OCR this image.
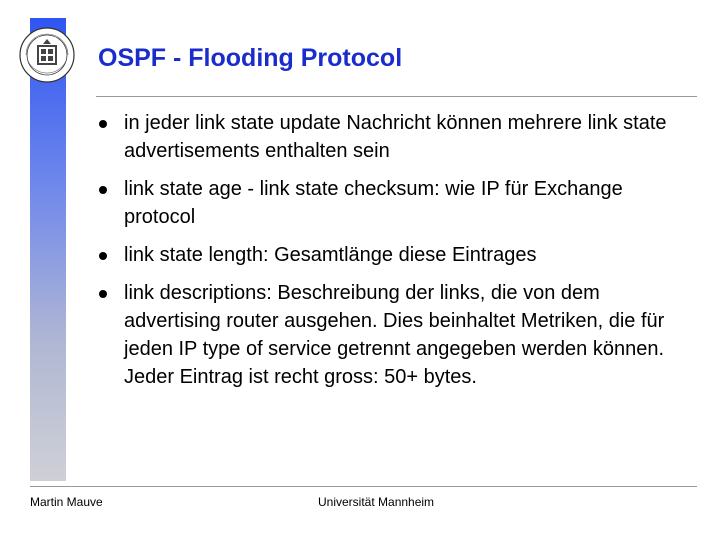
OSPF - Flooding Protocol
in jeder link state update Nachricht können mehrere link state advertisements enthalten sein
link state age - link state checksum: wie IP für Exchange protocol
link state length: Gesamtlänge diese Eintrages
link descriptions: Beschreibung der links, die von dem advertising router ausgehen. Dies beinhaltet Metriken, die für jeden IP type of service getrennt angegeben werden können. Jeder Eintrag ist recht gross: 50+ bytes.
Martin Mauve	Universität Mannheim
